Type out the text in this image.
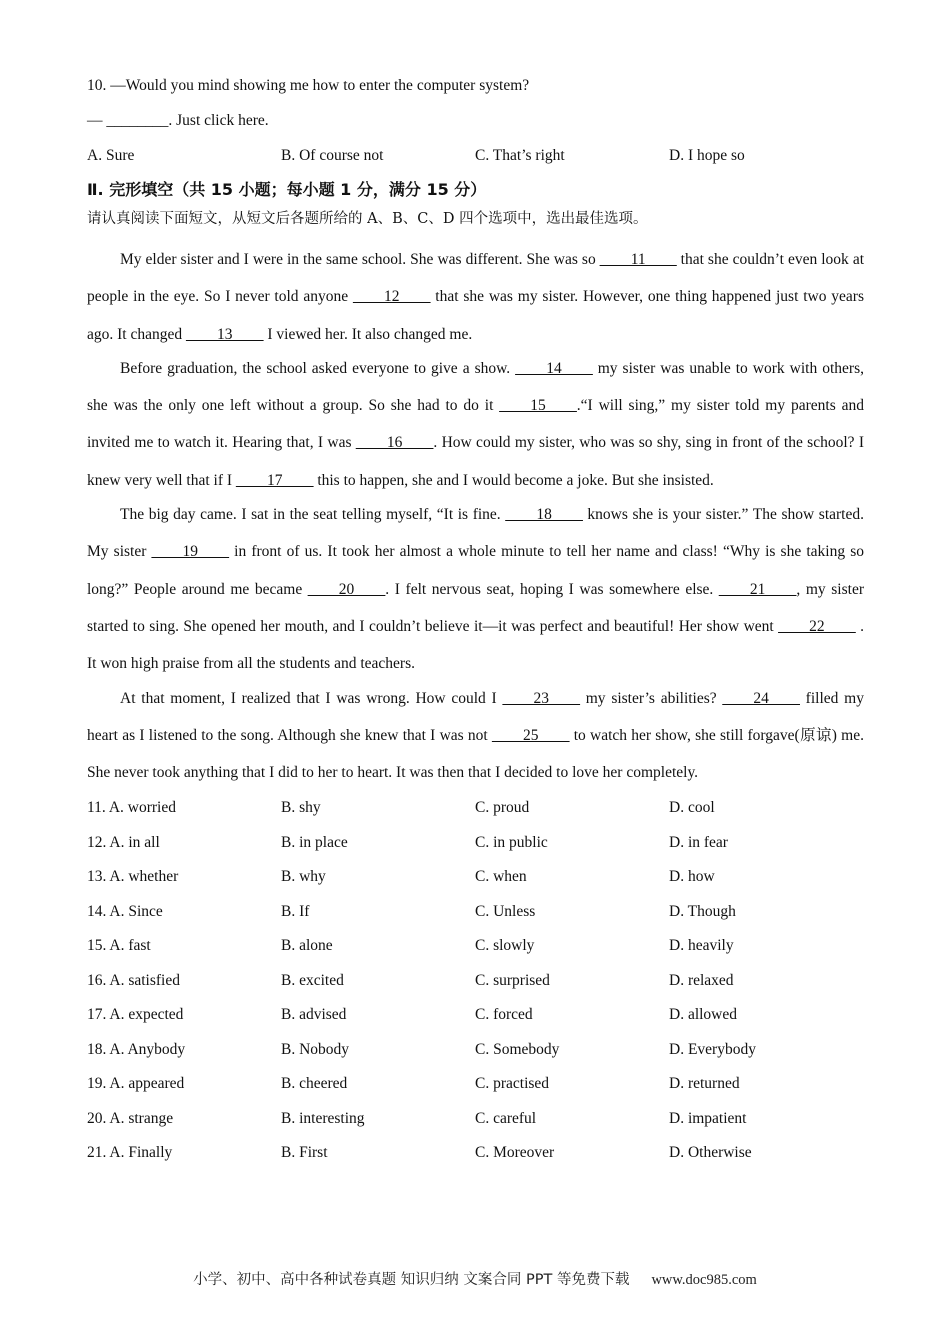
10. —Would you mind showing me how to enter the computer system?
— ________. Just click here.
A. Sure	B. Of course not	C. That’s right	D. I hope so
Ⅱ. 完形填空（共 15 小题；每小题 1 分，满分 15 分）
请认真阅读下面短文，从短文后各题所给的 A、B、C、D 四个选项中，选出最佳选项。

My elder sister and I were in the same school. She was different. She was so ____11____ that she couldn’t even look at people in the eye. So I never told anyone ____12____ that she was my sister. However, one thing happened just two years ago. It changed ____13____ I viewed her. It also changed me.

Before graduation, the school asked everyone to give a show. ____14____ my sister was unable to work with others, she was the only one left without a group. So she had to do it ____15____.“I will sing,” my sister told my parents and invited me to watch it. Hearing that, I was ____16____. How could my sister, who was so shy, sing in front of the school? I knew very well that if I ____17____ this to happen, she and I would become a joke. But she insisted.

The big day came. I sat in the seat telling myself, “It is fine. ____18____ knows she is your sister.” The show started. My sister ____19____ in front of us. It took her almost a whole minute to tell her name and class! “Why is she taking so long?” People around me became ____20____. I felt nervous seat, hoping I was somewhere else. ____21____, my sister started to sing. She opened her mouth, and I couldn’t believe it—it was perfect and beautiful! Her show went ____22____ . It won high praise from all the students and teachers.

At that moment, I realized that I was wrong. How could I ____23____ my sister’s abilities? ____24____ filled my heart as I listened to the song. Although she knew that I was not ____25____ to watch her show, she still forgave(原谅) me. She never took anything that I did to her to heart. It was then that I decided to love her completely.

11. A. worried	B. shy	C. proud	D. cool
12. A. in all	B. in place	C. in public	D. in fear
13. A. whether	B. why	C. when	D. how
14. A. Since	B. If	C. Unless	D. Though
15. A. fast	B. alone	C. slowly	D. heavily
16. A. satisfied	B. excited	C. surprised	D. relaxed
17. A. expected	B. advised	C. forced	D. allowed
18. A. Anybody	B. Nobody	C. Somebody	D. Everybody
19. A. appeared	B. cheered	C. practised	D. returned
20. A. strange	B. interesting	C. careful	D. impatient
21. A. Finally	B. First	C. Moreover	D. Otherwise
小学、初中、高中各种试卷真题 知识归纳 文案合同 PPT 等免费下载 www.doc985.com
